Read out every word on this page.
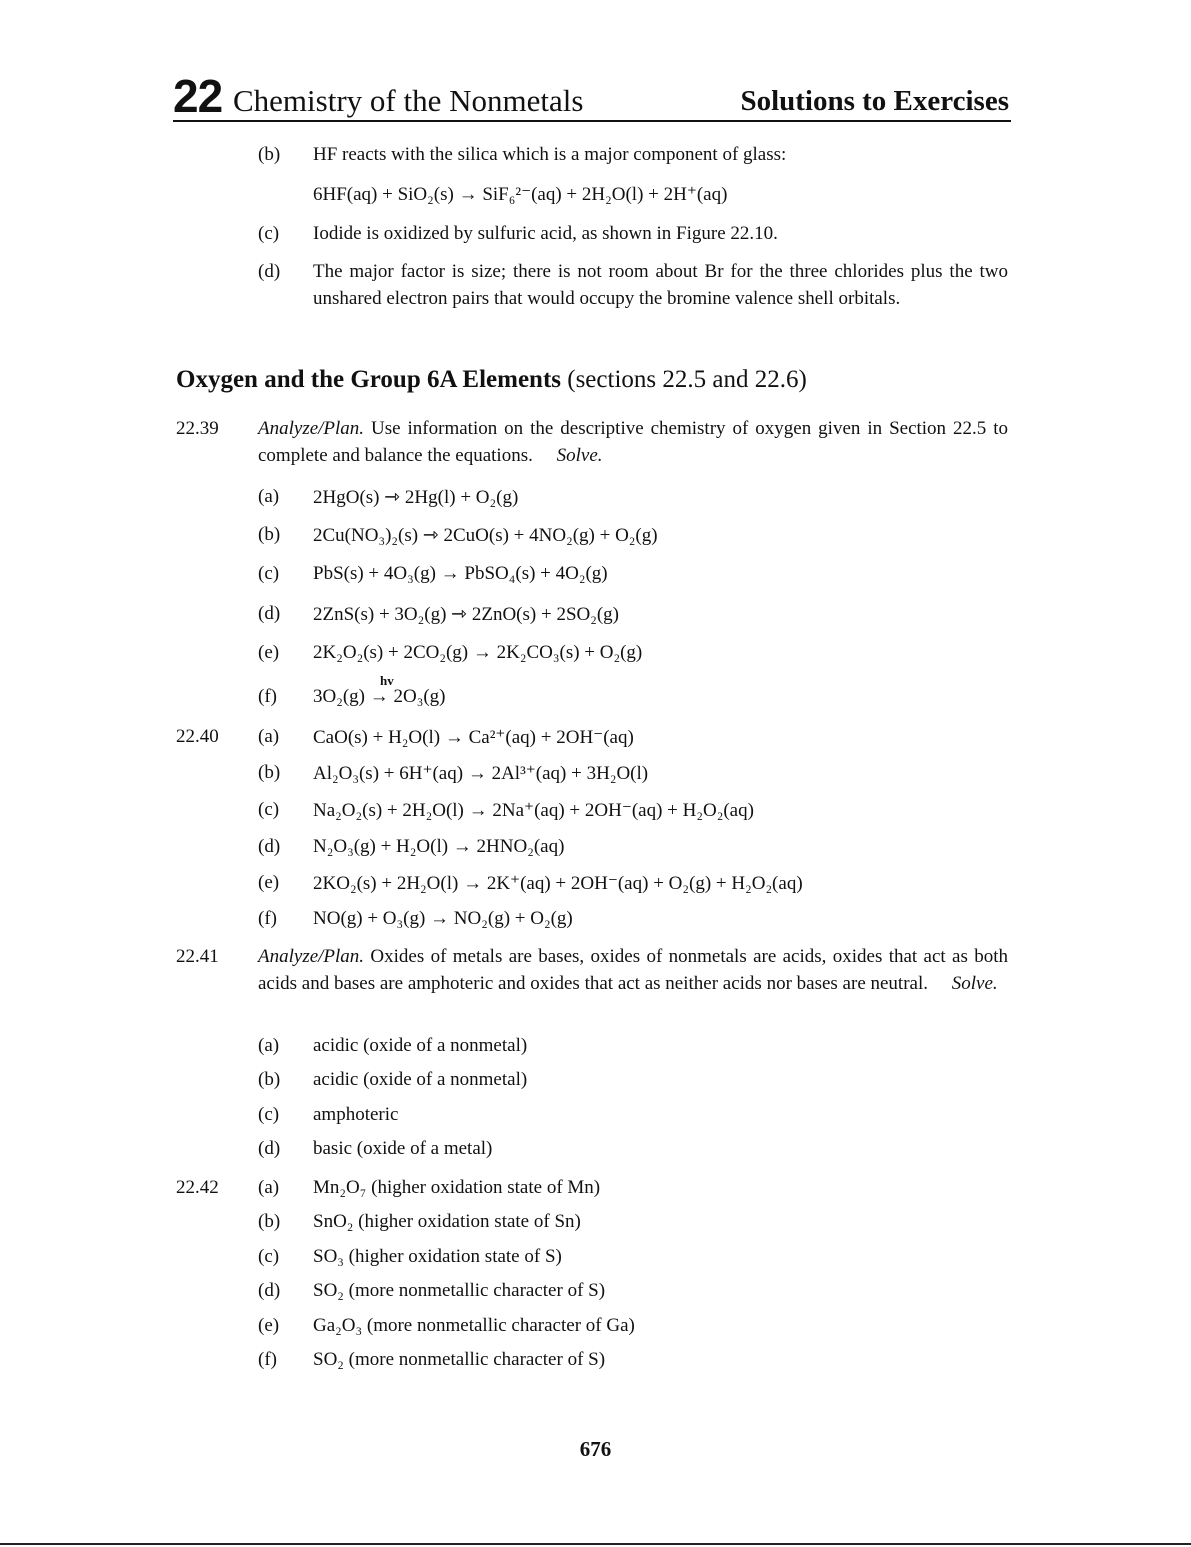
22 Chemistry of the Nonmetals	Solutions to Exercises
(b) HF reacts with the silica which is a major component of glass:
6HF(aq) + SiO₂(s) → SiF₆²⁻(aq) + 2H₂O(l) + 2H⁺(aq)
(c) Iodide is oxidized by sulfuric acid, as shown in Figure 22.10.
(d) The major factor is size; there is not room about Br for the three chlorides plus the two unshared electron pairs that would occupy the bromine valence shell orbitals.
Oxygen and the Group 6A Elements (sections 22.5 and 22.6)
22.39 Analyze/Plan. Use information on the descriptive chemistry of oxygen given in Section 22.5 to complete and balance the equations. Solve.
(a) 2HgO(s) ⇾ 2Hg(l) + O₂(g)
(b) 2Cu(NO₃)₂(s) ⇾ 2CuO(s) + 4NO₂(g) + O₂(g)
(c) PbS(s) + 4O₃(g) → PbSO₄(s) + 4O₂(g)
(d) 2ZnS(s) + 3O₂(g) ⇾ 2ZnO(s) + 2SO₂(g)
(e) 2K₂O₂(s) + 2CO₂(g) → 2K₂CO₃(s) + O₂(g)
hv
(f) 3O₂(g) → 2O₃(g)
22.40 (a) CaO(s) + H₂O(l) → Ca²⁺(aq) + 2OH⁻(aq)
(b) Al₂O₃(s) + 6H⁺(aq) → 2Al³⁺(aq) + 3H₂O(l)
(c) Na₂O₂(s) + 2H₂O(l) → 2Na⁺(aq) + 2OH⁻(aq) + H₂O₂(aq)
(d) N₂O₃(g) + H₂O(l) → 2HNO₂(aq)
(e) 2KO₂(s) + 2H₂O(l) → 2K⁺(aq) + 2OH⁻(aq) + O₂(g) + H₂O₂(aq)
(f) NO(g) + O₃(g) → NO₂(g) + O₂(g)
22.41 Analyze/Plan. Oxides of metals are bases, oxides of nonmetals are acids, oxides that act as both acids and bases are amphoteric and oxides that act as neither acids nor bases are neutral. Solve.
(a) acidic (oxide of a nonmetal)
(b) acidic (oxide of a nonmetal)
(c) amphoteric
(d) basic (oxide of a metal)
22.42 (a) Mn₂O₇ (higher oxidation state of Mn)
(b) SnO₂ (higher oxidation state of Sn)
(c) SO₃ (higher oxidation state of S)
(d) SO₂ (more nonmetallic character of S)
(e) Ga₂O₃ (more nonmetallic character of Ga)
(f) SO₂ (more nonmetallic character of S)
676
